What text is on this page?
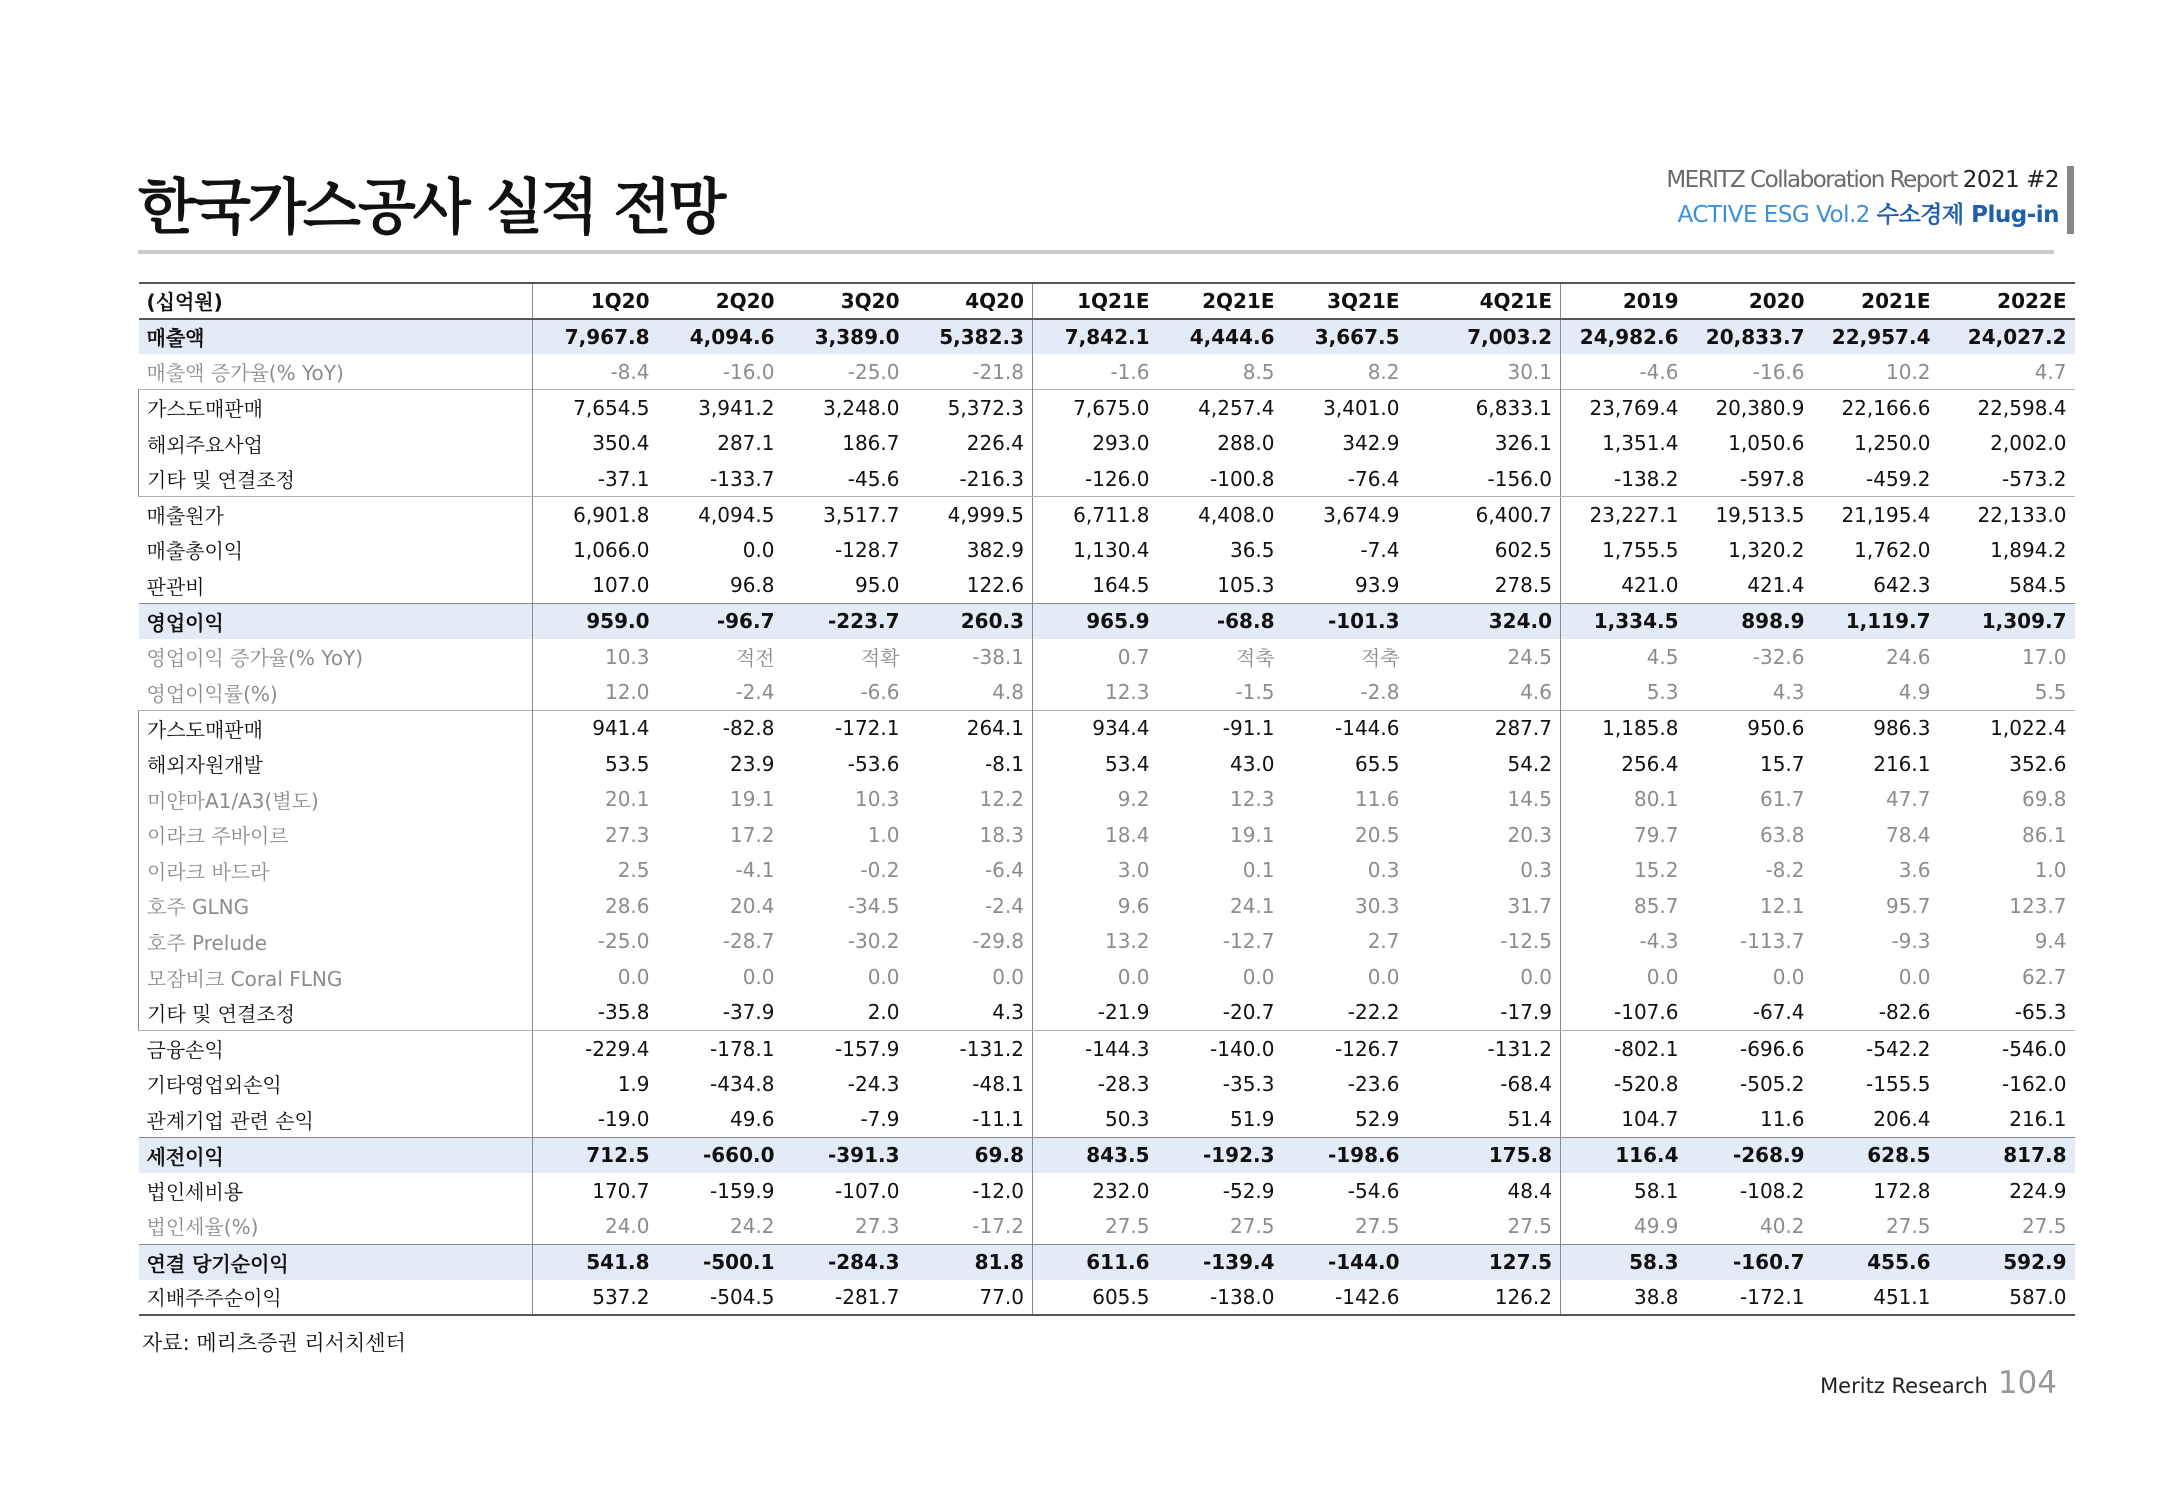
한국가스공사 실적 전망	MERITZ Collaboration Report 2021 #2
ACTIVE ESG Vol.2 수소경제 Plug-in
(십억원)	1Q20	2Q20	3Q20	4Q20	1Q21E	2Q21E	3Q21E	4Q21E	2019	2020	2021E	2022E
매출액	7,967.8	4,094.6	3,389.0	5,382.3	7,842.1	4,444.6	3,667.5	7,003.2	24,982.6	20,833.7	22,957.4	24,027.2
매출액 증가율(% YoY)	-8.4	-16.0	-25.0	-21.8	-1.6	8.5	8.2	30.1	-4.6	-16.6	10.2	4.7
가스도매판매	7,654.5	3,941.2	3,248.0	5,372.3	7,675.0	4,257.4	3,401.0	6,833.1	23,769.4	20,380.9	22,166.6	22,598.4
해외주요사업	350.4	287.1	186.7	226.4	293.0	288.0	342.9	326.1	1,351.4	1,050.6	1,250.0	2,002.0
기타 및 연결조정	-37.1	-133.7	-45.6	-216.3	-126.0	-100.8	-76.4	-156.0	-138.2	-597.8	-459.2	-573.2
매출원가	6,901.8	4,094.5	3,517.7	4,999.5	6,711.8	4,408.0	3,674.9	6,400.7	23,227.1	19,513.5	21,195.4	22,133.0
매출총이익	1,066.0	0.0	-128.7	382.9	1,130.4	36.5	-7.4	602.5	1,755.5	1,320.2	1,762.0	1,894.2
판관비	107.0	96.8	95.0	122.6	164.5	105.3	93.9	278.5	421.0	421.4	642.3	584.5
영업이익	959.0	-96.7	-223.7	260.3	965.9	-68.8	-101.3	324.0	1,334.5	898.9	1,119.7	1,309.7
영업이익 증가율(% YoY)	10.3	적전	적확	-38.1	0.7	적축	적축	24.5	4.5	-32.6	24.6	17.0
영업이익률(%)	12.0	-2.4	-6.6	4.8	12.3	-1.5	-2.8	4.6	5.3	4.3	4.9	5.5
가스도매판매	941.4	-82.8	-172.1	264.1	934.4	-91.1	-144.6	287.7	1,185.8	950.6	986.3	1,022.4
해외자원개발	53.5	23.9	-53.6	-8.1	53.4	43.0	65.5	54.2	256.4	15.7	216.1	352.6
미얀마A1/A3(별도)	20.1	19.1	10.3	12.2	9.2	12.3	11.6	14.5	80.1	61.7	47.7	69.8
이라크 주바이르	27.3	17.2	1.0	18.3	18.4	19.1	20.5	20.3	79.7	63.8	78.4	86.1
이라크 바드라	2.5	-4.1	-0.2	-6.4	3.0	0.1	0.3	0.3	15.2	-8.2	3.6	1.0
호주 GLNG	28.6	20.4	-34.5	-2.4	9.6	24.1	30.3	31.7	85.7	12.1	95.7	123.7
호주 Prelude	-25.0	-28.7	-30.2	-29.8	13.2	-12.7	2.7	-12.5	-4.3	-113.7	-9.3	9.4
모잠비크 Coral FLNG	0.0	0.0	0.0	0.0	0.0	0.0	0.0	0.0	0.0	0.0	0.0	62.7
기타 및 연결조정	-35.8	-37.9	2.0	4.3	-21.9	-20.7	-22.2	-17.9	-107.6	-67.4	-82.6	-65.3
금융손익	-229.4	-178.1	-157.9	-131.2	-144.3	-140.0	-126.7	-131.2	-802.1	-696.6	-542.2	-546.0
기타영업외손익	1.9	-434.8	-24.3	-48.1	-28.3	-35.3	-23.6	-68.4	-520.8	-505.2	-155.5	-162.0
관계기업 관련 손익	-19.0	49.6	-7.9	-11.1	50.3	51.9	52.9	51.4	104.7	11.6	206.4	216.1
세전이익	712.5	-660.0	-391.3	69.8	843.5	-192.3	-198.6	175.8	116.4	-268.9	628.5	817.8
법인세비용	170.7	-159.9	-107.0	-12.0	232.0	-52.9	-54.6	48.4	58.1	-108.2	172.8	224.9
법인세율(%)	24.0	24.2	27.3	-17.2	27.5	27.5	27.5	27.5	49.9	40.2	27.5	27.5
연결 당기순이익	541.8	-500.1	-284.3	81.8	611.6	-139.4	-144.0	127.5	58.3	-160.7	455.6	592.9
지배주주순이익	537.2	-504.5	-281.7	77.0	605.5	-138.0	-142.6	126.2	38.8	-172.1	451.1	587.0
자료: 메리츠증권 리서치센터
Meritz Research 104
